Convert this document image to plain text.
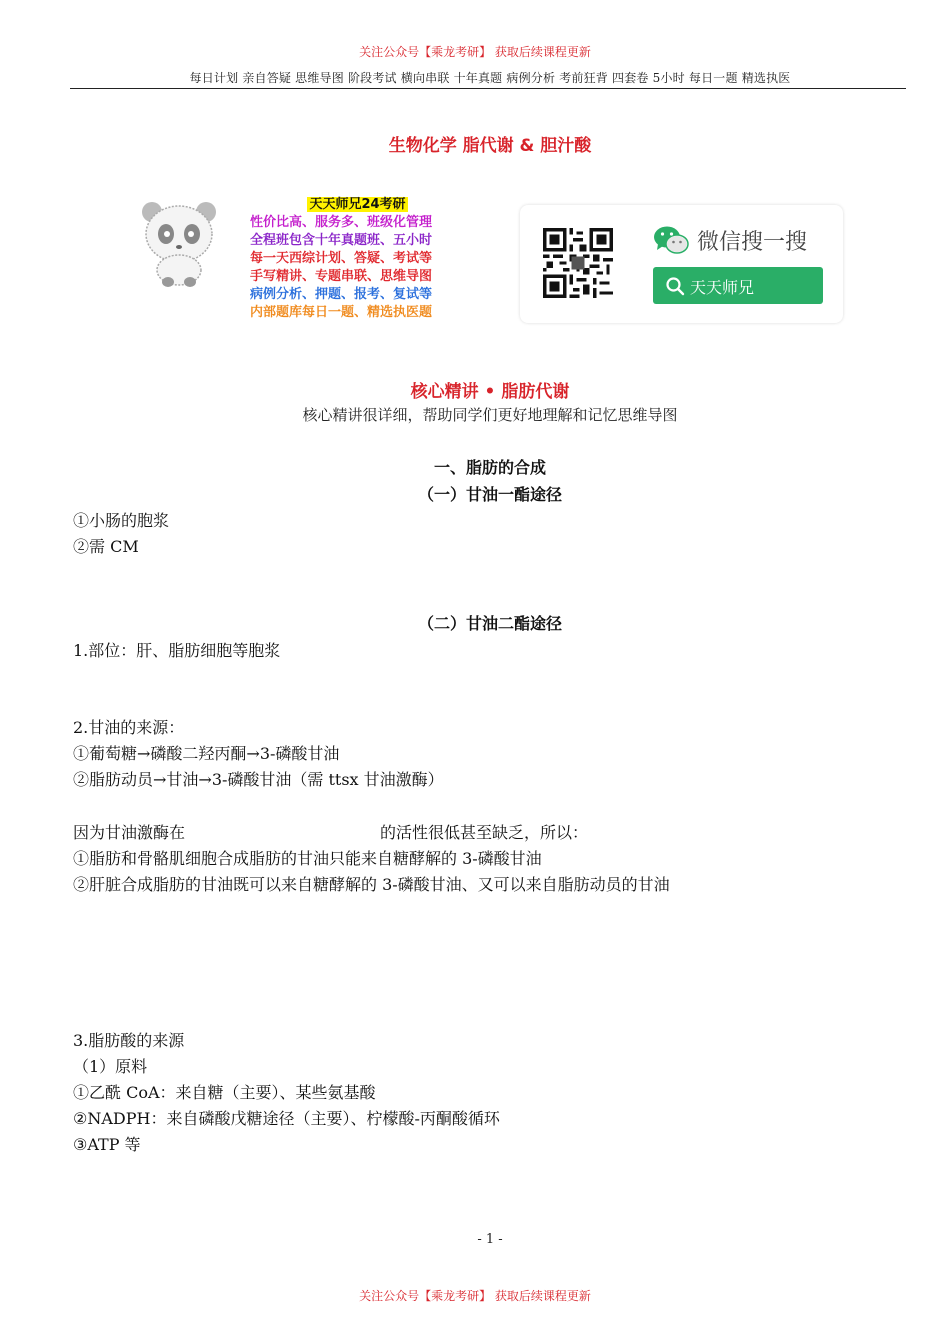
关注公众号【乘龙考研】 获取后续课程更新
每日计划 亲自答疑 思维导图 阶段考试 横向串联 十年真题 病例分析 考前狂背 四套卷 5小时 每日一题 精选执医
生物化学 脂代谢 & 胆汁酸
天天师兄24考研
性价比高、服务多、班级化管理
全程班包含十年真题班、五小时
每一天西综计划、答疑、考试等
手写精讲、专题串联、思维导图
病例分析、押题、报考、复试等
内部题库每日一题、精选执医题
微信搜一搜
天天师兄
核心精讲 • 脂肪代谢
核心精讲很详细，帮助同学们更好地理解和记忆思维导图
一、脂肪的合成
（一）甘油一酯途径
①小肠的胞浆
②需 CM
（二）甘油二酯途径
1.部位：肝、脂肪细胞等胞浆
2.甘油的来源：
①葡萄糖→磷酸二羟丙酮→3-磷酸甘油
②脂肪动员→甘油→3-磷酸甘油（需 ttsx 甘油激酶）
因为甘油激酶在	的活性很低甚至缺乏，所以：
①脂肪和骨骼肌细胞合成脂肪的甘油只能来自糖酵解的 3-磷酸甘油
②肝脏合成脂肪的甘油既可以来自糖酵解的 3-磷酸甘油、又可以来自脂肪动员的甘油
3.脂肪酸的来源
（1）原料
①乙酰 CoA：来自糖（主要）、某些氨基酸
②NADPH：来自磷酸戊糖途径（主要）、柠檬酸-丙酮酸循环
③ATP 等
- 1 -
关注公众号【乘龙考研】 获取后续课程更新
